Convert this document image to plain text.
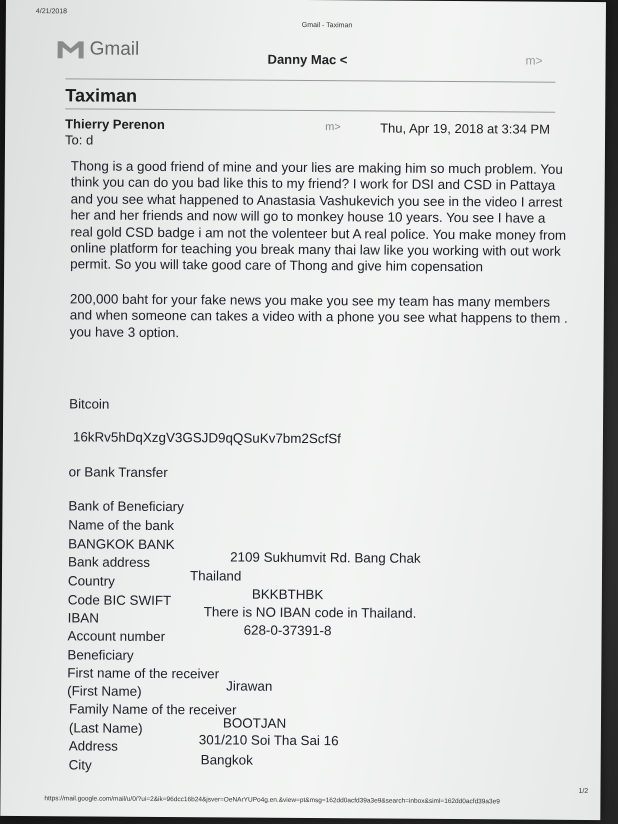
4/21/2018
Gmail - Taximan
Gmail	Danny Mac <	m>
Taximan
Thierry Perenon	m>	Thu, Apr 19, 2018 at 3:34 PM
To: d

Thong is a good friend of mine and your lies are making him so much problem. You think you can do you bad like this to my friend? I work for DSI and CSD in Pattaya and you see what happened to Anastasia Vashukevich you see in the video I arrest her and her friends and now will go to monkey house 10 years. You see I have a real gold CSD badge i am not the volenteer but A real police. You make money from online platform for teaching you break many thai law like you working with out work permit. So you will take good care of Thong and give him copensation

200,000 baht for your fake news you make you see my team has many members and when someone can takes a video with a phone you see what happens to them .

you have 3 option.

Bitcoin
16kRv5hDqXzgV3GSJD9qQSuKv7bm2ScfSf
or Bank Transfer
Bank of Beneficiary
Name of the bank
BANGKOK BANK
Bank address	2109 Sukhumvit Rd. Bang Chak
Country	Thailand
Code BIC SWIFT	BKKBTHBK
IBAN	There is NO IBAN code in Thailand.
Account number	628-0-37391-8
Beneficiary
First name of the receiver
(First Name)	Jirawan
Family Name of the receiver
(Last Name)	BOOTJAN
Address	301/210 Soi Tha Sai 16
City	Bangkok
https://mail.google.com/mail/u/0/?ui=2&ik=96dcc16b24&jsver=OeNArYUPo4g.en.&view=pt&msg=162dd0acfd39a3e9&search=inbox&siml=162dd0acfd39a3e9
1/2
